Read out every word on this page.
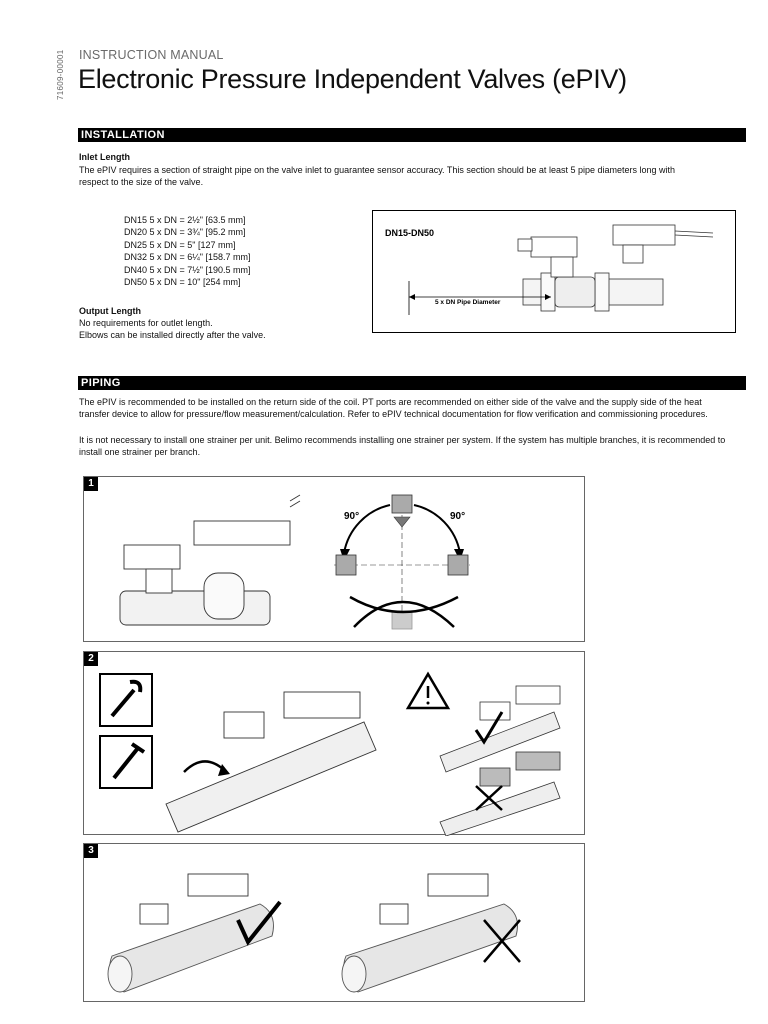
71609-00001 INSTRUCTION MANUAL
Electronic Pressure Independent Valves (ePIV)
INSTALLATION
Inlet Length
The ePIV requires a section of straight pipe on the valve inlet to guarantee sensor accuracy. This section should be at least 5 pipe diameters long with respect to the size of the valve.
DN15 5 x DN = 2½" [63.5 mm]
DN20 5 x DN = 3¾" [95.2 mm]
DN25 5 x DN = 5" [127 mm]
DN32 5 x DN = 6¼" [158.7 mm]
DN40 5 x DN = 7½" [190.5 mm]
DN50 5 x DN = 10" [254 mm]
Output Length
No requirements for outlet length.
Elbows can be installed directly after the valve.
DN15-DN50
5 x DN Pipe Diameter
PIPING
The ePIV is recommended to be installed on the return side of the coil. PT ports are recommended on either side of the valve and the supply side of the heat transfer device to allow for pressure/flow measurement/calculation. Refer to ePIV technical documentation for flow verification and commissioning procedures.
It is not necessary to install one strainer per unit. Belimo recommends installing one strainer per system. If the system has multiple branches, it is recommended to install one strainer per branch.
1
90°	90°
2
3
